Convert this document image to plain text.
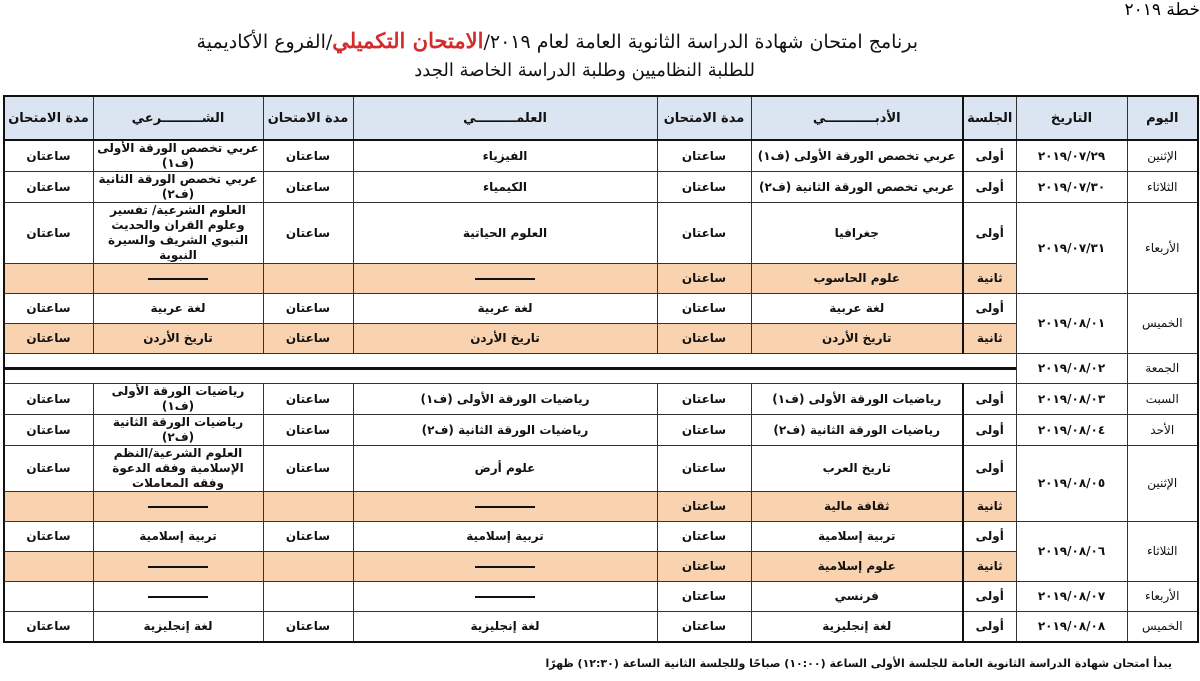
برنامج امتحان شهادة الدراسة الثانوية العامة لعام ٢٠١٩/الامتحان التكميلي/الفروع الأكاديمية
للطلبة النظاميين وطلبة الدراسة الخاصة الجدد
خطة ٢٠١٩
اليوم	التاريخ	الجلسة	الأدبـــــــــــي	مدة الامتحان	العلمـــــــــي	مدة الامتحان	الشـــــــــرعي	مدة الامتحان	
الإثنين	٢٠١٩/٠٧/٢٩	أولى	عربي تخصص الورقة الأولى (ف١)	ساعتان	الفيزياء	ساعتان	عربي تخصص الورقة الأولى (ف١)	ساعتان	
الثلاثاء	٢٠١٩/٠٧/٣٠	أولى	عربي تخصص الورقة الثانية (ف٢)	ساعتان	الكيمياء	ساعتان	عربي تخصص الورقة الثانية (ف٢)	ساعتان	
الأربعاء	٢٠١٩/٠٧/٣١	أولى	جغرافيا	ساعتان	العلوم الحياتية	ساعتان	العلوم الشرعية/ تفسير وعلوم القران والحديث النبوي الشريف والسيرة النبوية	ساعتان	
		ثانية	علوم الحاسوب	ساعتان					
الخميس	٢٠١٩/٠٨/٠١	أولى	لغة عربية	ساعتان	لغة عربية	ساعتان	لغة عربية	ساعتان	
		ثانية	تاريخ الأردن	ساعتان	تاريخ الأردن	ساعتان	تاريخ الأردن	ساعتان	
الجمعة	٢٠١٩/٠٨/٠٢							

السبت	٢٠١٩/٠٨/٠٣	أولى	رياضيات الورقة الأولى (ف١)	ساعتان	رياضيات الورقة الأولى (ف١)	ساعتان	رياضيات الورقة الأولى (ف١)	ساعتان	
الأحد	٢٠١٩/٠٨/٠٤	أولى	رياضيات الورقة الثانية (ف٢)	ساعتان	رياضيات الورقة الثانية (ف٢)	ساعتان	رياضيات الورقة الثانية (ف٢)	ساعتان	
الإثنين	٢٠١٩/٠٨/٠٥	أولى	تاريخ العرب	ساعتان	علوم أرض	ساعتان	العلوم الشرعية/النظم الإسلامية وفقه الدعوة وفقه المعاملات	ساعتان	
		ثانية	ثقافة مالية	ساعتان					
الثلاثاء	٢٠١٩/٠٨/٠٦	أولى	تربية إسلامية	ساعتان	تربية إسلامية	ساعتان	تربية إسلامية	ساعتان	
		ثانية	علوم إسلامية	ساعتان					
الأربعاء	٢٠١٩/٠٨/٠٧	أولى	فرنسي	ساعتان					
الخميس	٢٠١٩/٠٨/٠٨	أولى	لغة إنجليزية	ساعتان	لغة إنجليزية	ساعتان	لغة إنجليزية	ساعتان	
يبدأ امتحان شهادة الدراسة الثانوية العامة للجلسة الأولى الساعة (١٠:٠٠) صباحًا وللجلسة الثانية الساعة (١٢:٣٠) ظهرًا
